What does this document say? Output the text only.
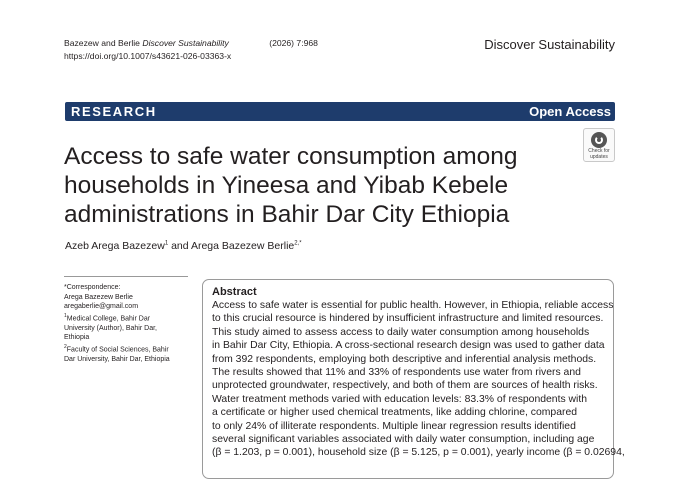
Bazezew and Berlie Discover Sustainability	(2026) 7:968
https://doi.org/10.1007/s43621-026-03363-x
Discover Sustainability
RESEARCH	Open Access
Check for
updates
Access to safe water consumption among
households in Yineesa and Yibab Kebele
administrations in Bahir Dar City Ethiopia
Azeb Arega Bazezew$^1$ and Arega Bazezew Berlie$^{2,*}$

*Correspondence:

Arega Bazezew Berlie

aregaberlie@gmail.com

$^1$Medical College, Bahir Dar

University (Author), Bahir Dar,

Ethiopia

$^2$Faculty of Social Sciences, Bahir

Dar University, Bahir Dar, Ethiopia

Abstract
Access to safe water is essential for public health. However, in Ethiopia, reliable access
to this crucial resource is hindered by insufficient infrastructure and limited resources.
This study aimed to assess access to daily water consumption among households
in Bahir Dar City, Ethiopia. A cross-sectional research design was used to gather data
from 392 respondents, employing both descriptive and inferential analysis methods.
The results showed that 11% and 33% of respondents use water from rivers and
unprotected groundwater, respectively, and both of them are sources of health risks.
Water treatment methods varied with education levels: 83.3% of respondents with
a certificate or higher used chemical treatments, like adding chlorine, compared
to only 24% of illiterate respondents. Multiple linear regression results identified
several significant variables associated with daily water consumption, including age
(β = 1.203, p = 0.001), household size (β = 5.125, p = 0.001), yearly income (β = 0.02694,
